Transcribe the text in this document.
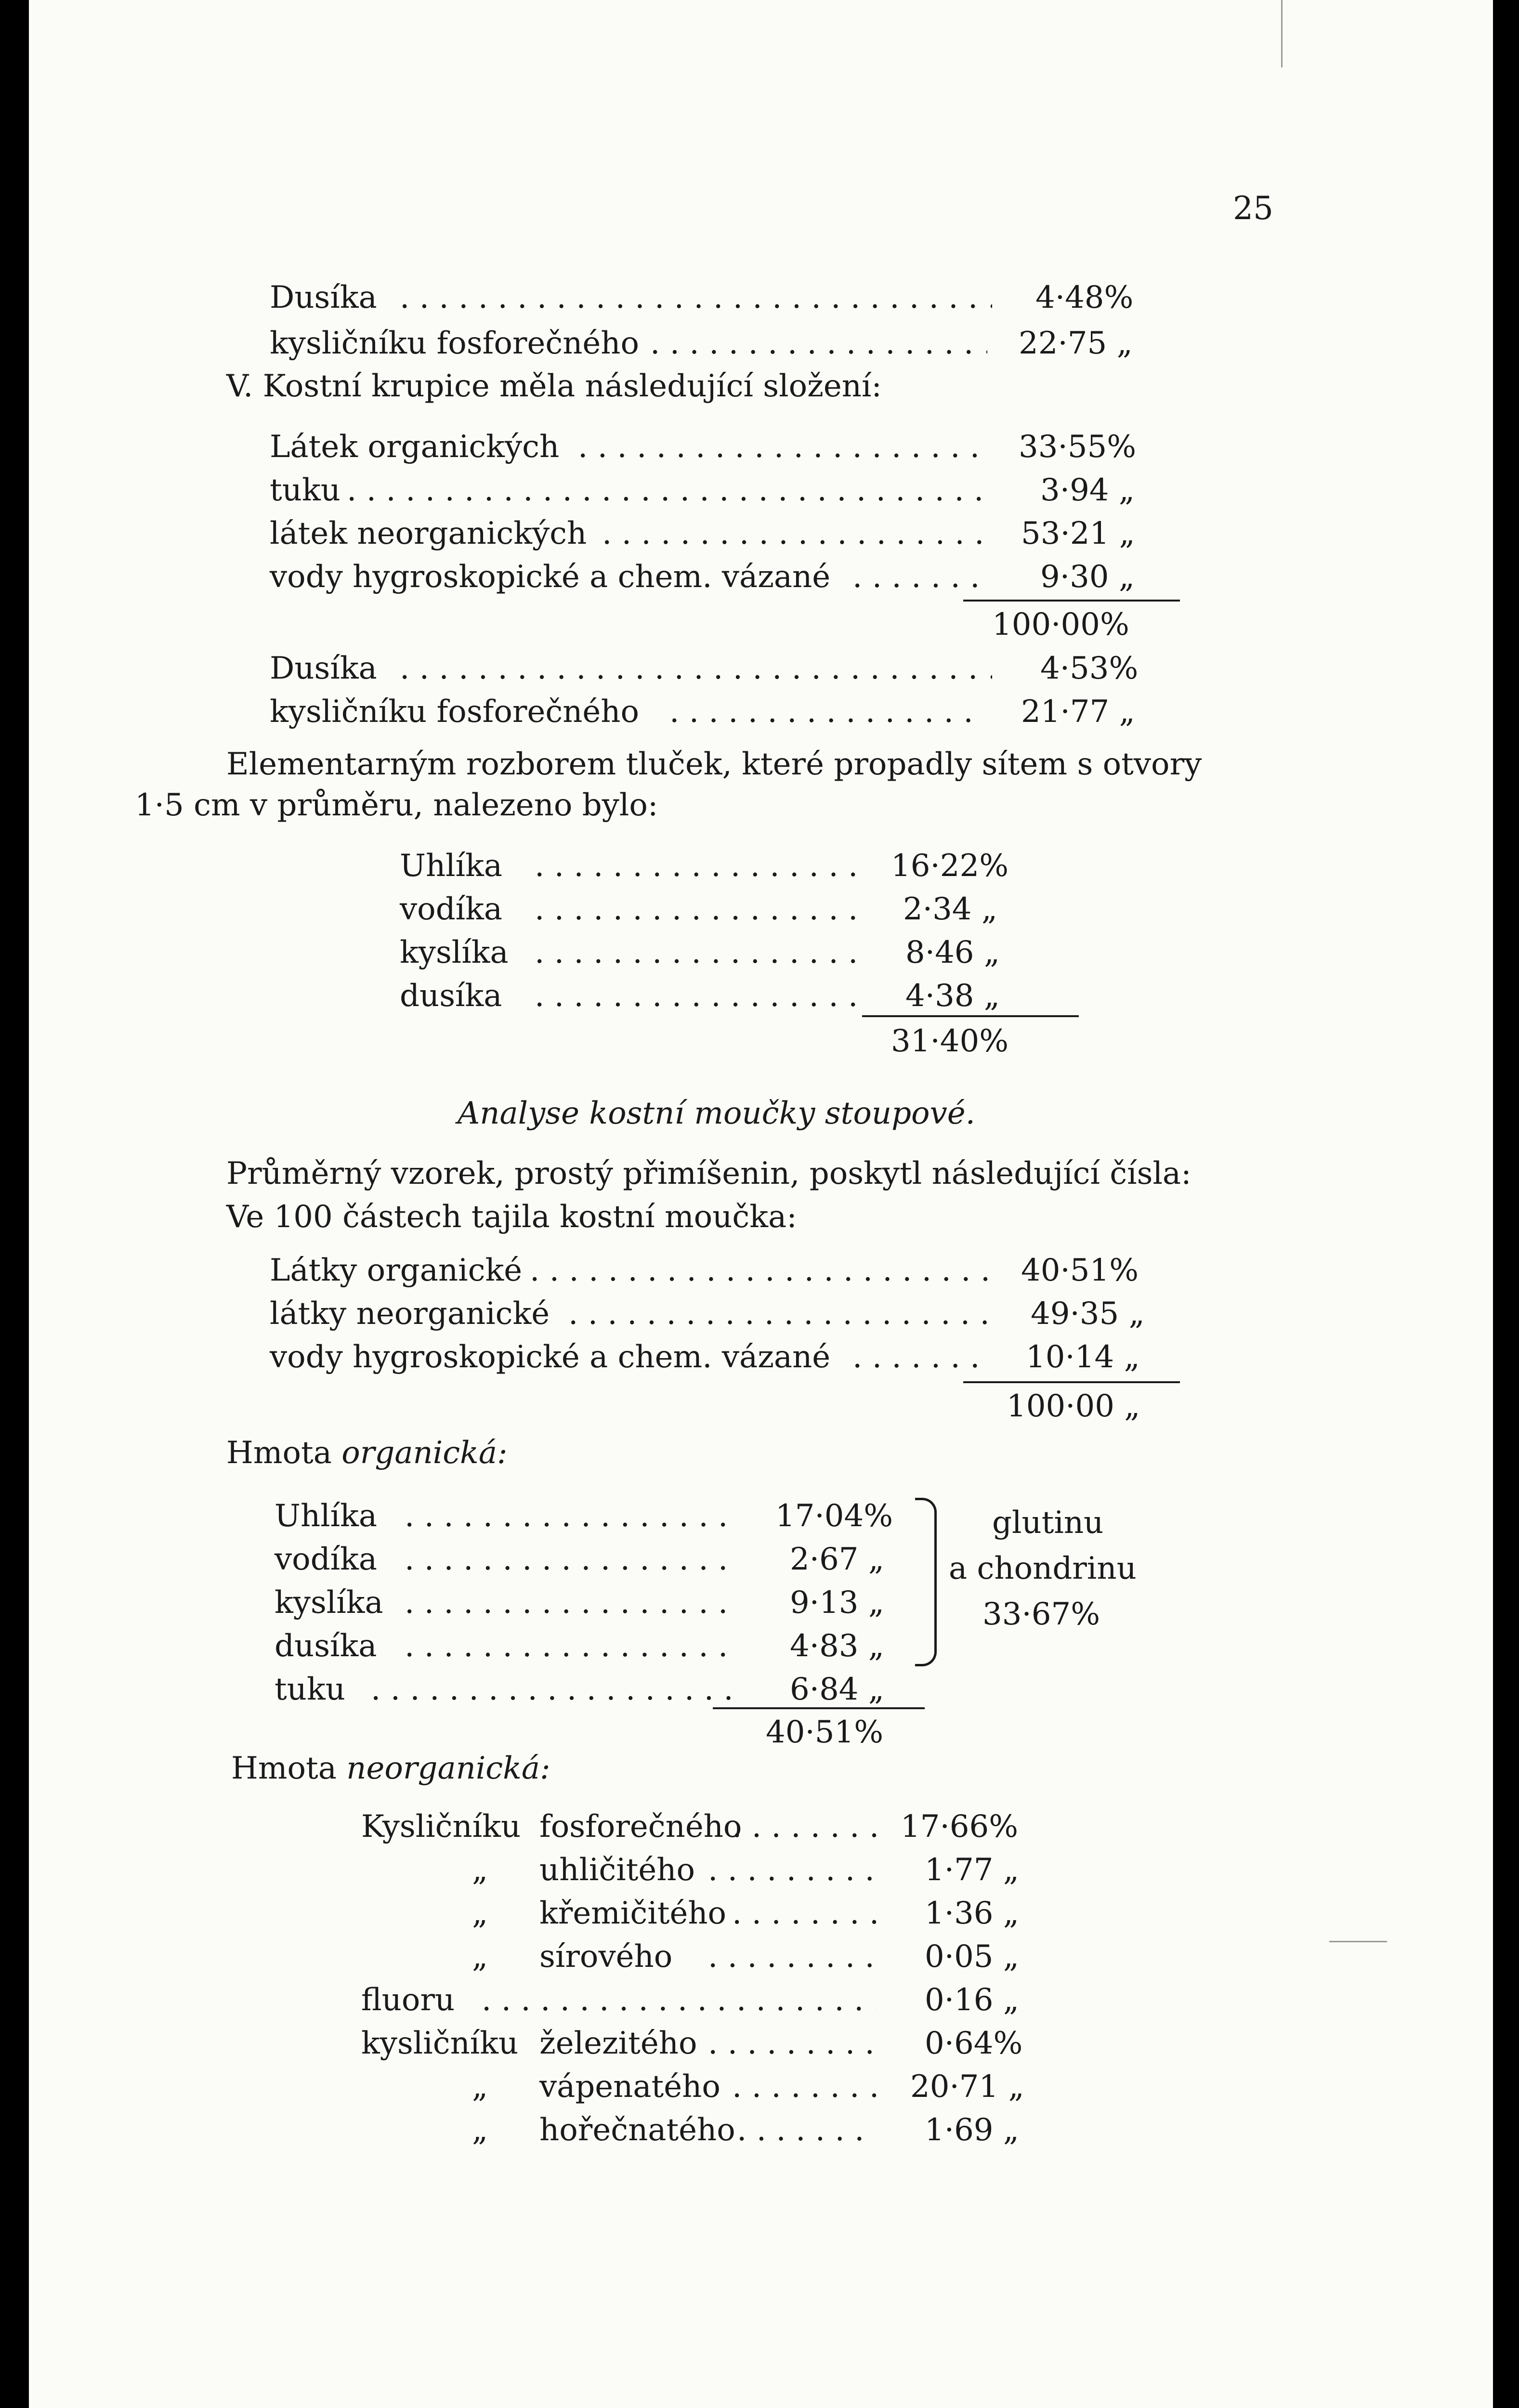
25
Dusíka . . .	4·48%
kysličníku fosforečného . . .	22·75 „
V. Kostní krupice měla následující složení:
Látek organických . . .	33·55%
tuku . . .	3·94 „
látek neorganických . . .	53·21 „
vody hygroskopické a chem. vázané . . .	9·30 „
100·00%
Dusíka . . .	4·53%
kysličníku fosforečného . . .	21·77 „
Elementarným rozborem tluček, které propadly sítem s otvory
1·5 cm v průměru, nalezeno bylo:
Uhlíka . . .	16·22%
vodíka . . .	2·34 „
kyslíka . . .	8·46 „
dusíka . . .	4·38 „
31·40%
Analyse kostní moučky stoupové.
Průměrný vzorek, prostý přimíšenin, poskytl následující čísla:
Ve 100 částech tajila kostní moučka:
Látky organické . . .	40·51%
látky neorganické . . .	49·35 „
vody hygroskopické a chem. vázané . . .	10·14 „
100·00 „
Hmota organická:
Uhlíka . . .	17·04%
vodíka . . .	2·67 „
kyslíka . . .	9·13 „
dusíka . . .	4·83 „
tuku . . .	6·84 „
40·51%
glutinu
a chondrinu
33·67%
Hmota neorganická:
Kysličníku fosforečného . . .	17·66%
„ uhličitého . . .	1·77 „
„ křemičitého . . .	1·36 „
„ sírového . . .	0·05 „
fluoru . . .	0·16 „
kysličníku železitého . . .	0·64%
„ vápenatého . . .	20·71 „
„ hořečnatého . . .	1·69 „
